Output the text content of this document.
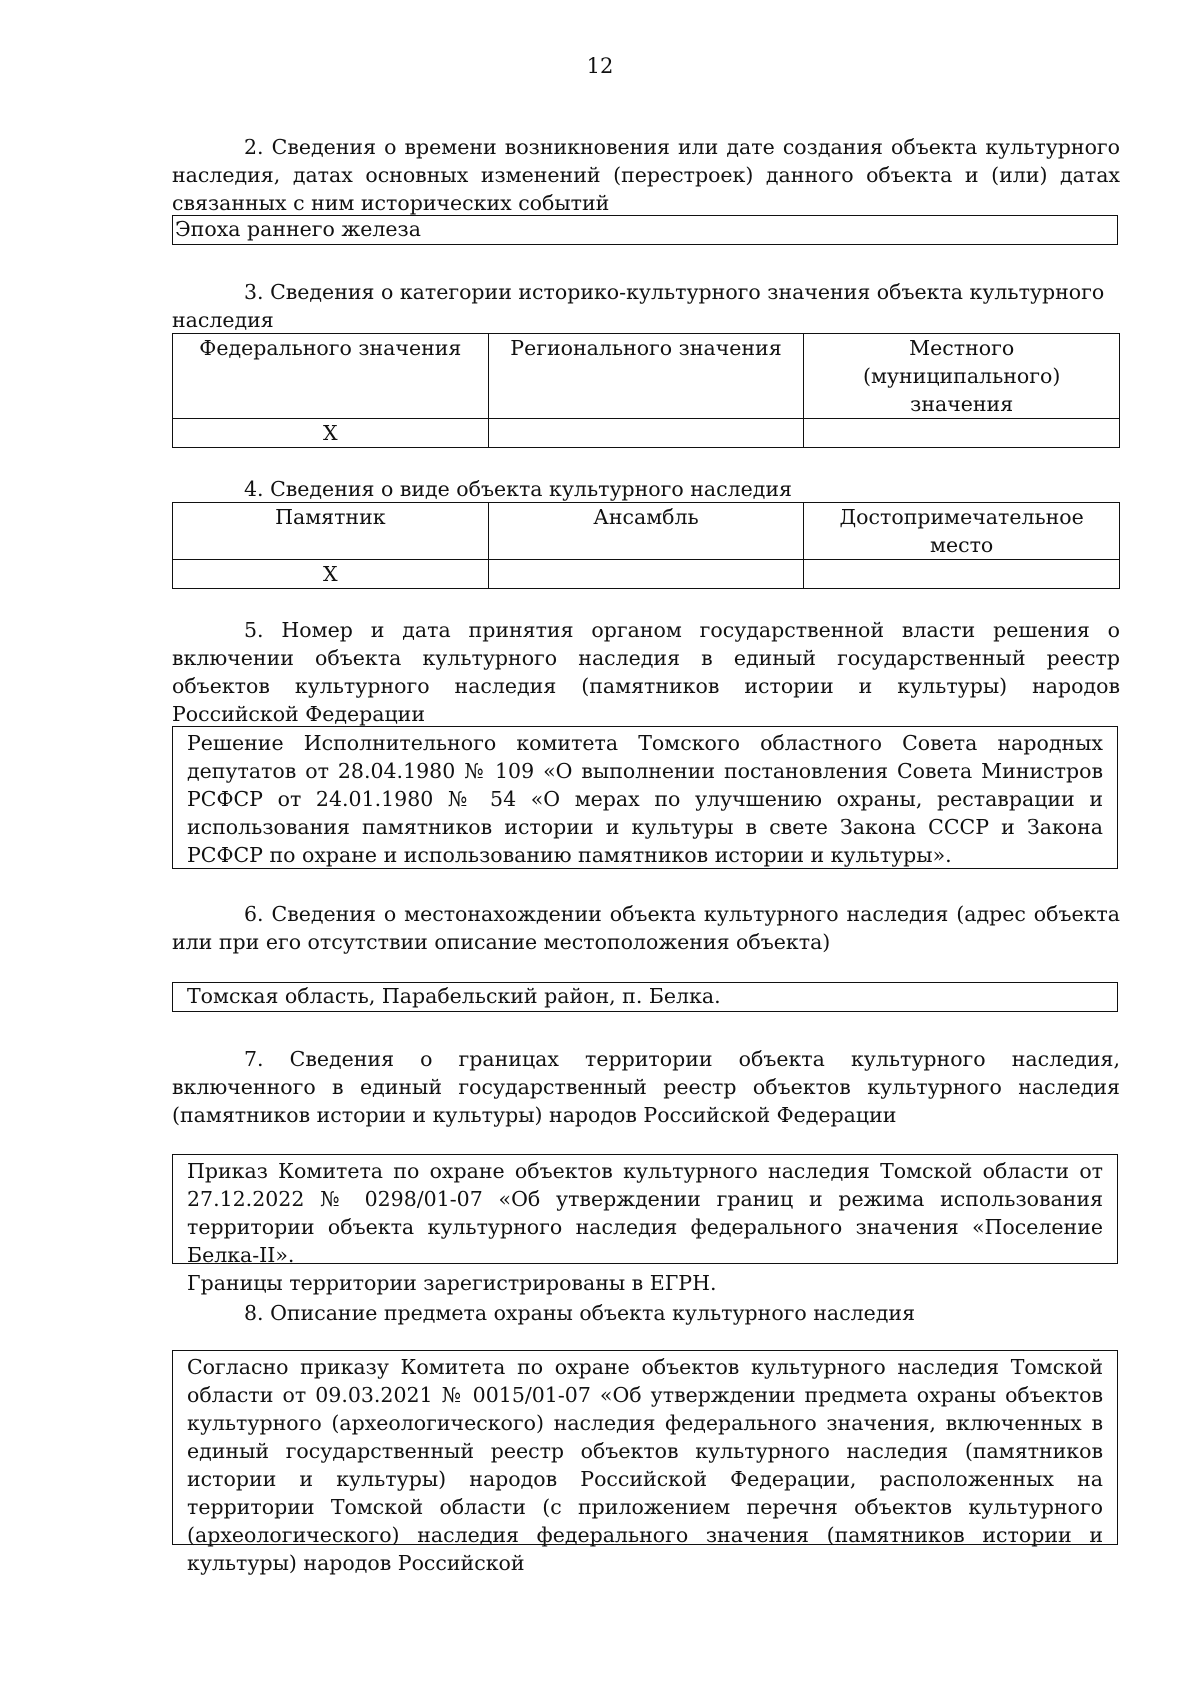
12
2. Сведения о времени возникновения или дате создания объекта культурного наследия, датах основных изменений (перестроек) данного объекта и (или) датах связанных с ним исторических событий
Эпоха раннего железа
3. Сведения о категории историко-культурного значения объекта культурного наследия
Федерального значения	Регионального значения	Местного (муниципального) значения
Х		
4. Сведения о виде объекта культурного наследия
Памятник	Ансамбль	Достопримечательное место
Х		
5. Номер и дата принятия органом государственной власти решения о включении объекта культурного наследия в единый государственный реестр объектов культурного наследия (памятников истории и культуры) народов Российской Федерации
Решение Исполнительного комитета Томского областного Совета народных депутатов от 28.04.1980 № 109 «О выполнении постановления Совета Министров РСФСР от 24.01.1980 № 54 «О мерах по улучшению охраны, реставрации и использования памятников истории и культуры в свете Закона СССР и Закона РСФСР по охране и использованию памятников истории и культуры».
6. Сведения о местонахождении объекта культурного наследия (адрес объекта или при его отсутствии описание местоположения объекта)
Томская область, Парабельский район, п. Белка.
7. Сведения о границах территории объекта культурного наследия, включенного в единый государственный реестр объектов культурного наследия (памятников истории и культуры) народов Российской Федерации
Приказ Комитета по охране объектов культурного наследия Томской области от 27.12.2022 № 0298/01-07 «Об утверждении границ и режима использования территории объекта культурного наследия федерального значения «Поселение Белка-II».
Границы территории зарегистрированы в ЕГРН.
8. Описание предмета охраны объекта культурного наследия
Согласно приказу Комитета по охране объектов культурного наследия Томской области от 09.03.2021 № 0015/01-07 «Об утверждении предмета охраны объектов культурного (археологического) наследия федерального значения, включенных в единый государственный реестр объектов культурного наследия (памятников истории и культуры) народов Российской Федерации, расположенных на территории Томской области (с приложением перечня объектов культурного (археологического) наследия федерального значения (памятников истории и культуры) народов Российской
